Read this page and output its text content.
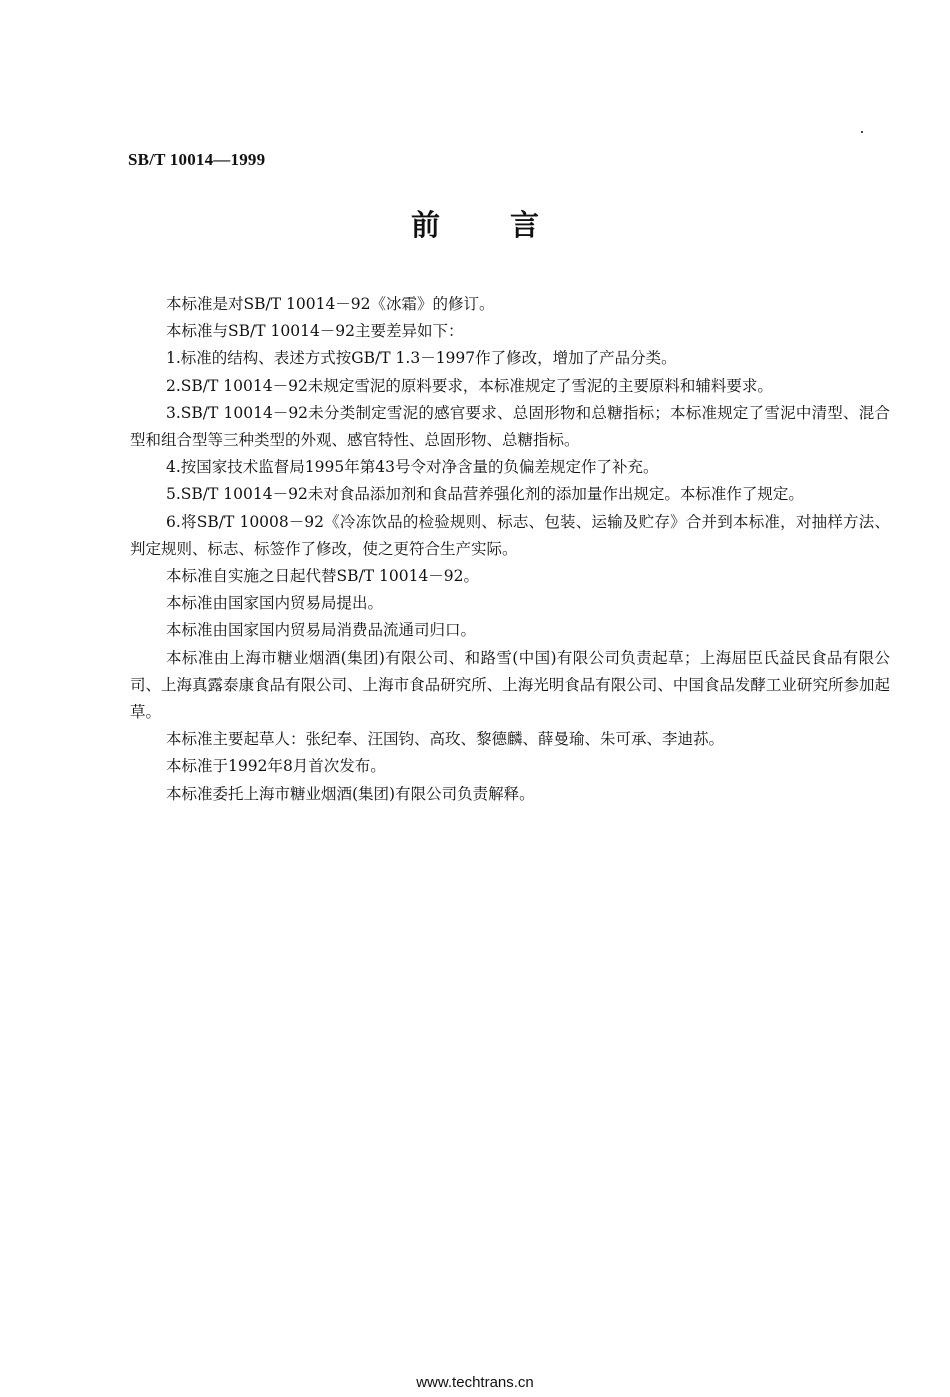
SB/T 10014—1999
前 言

本标准是对SB/T 10014－92《冰霜》的修订。

本标准与SB/T 10014－92主要差异如下：

1.标准的结构、表述方式按GB/T 1.3－1997作了修改，增加了产品分类。

2.SB/T 10014－92未规定雪泥的原料要求，本标准规定了雪泥的主要原料和辅料要求。

3.SB/T 10014－92未分类制定雪泥的感官要求、总固形物和总糖指标；本标准规定了雪泥中清型、混合型和组合型等三种类型的外观、感官特性、总固形物、总糖指标。

4.按国家技术监督局1995年第43号令对净含量的负偏差规定作了补充。

5.SB/T 10014－92未对食品添加剂和食品营养强化剂的添加量作出规定。本标准作了规定。

6.将SB/T 10008－92《冷冻饮品的检验规则、标志、包装、运输及贮存》合并到本标准，对抽样方法、判定规则、标志、标签作了修改，使之更符合生产实际。

本标准自实施之日起代替SB/T 10014－92。

本标准由国家国内贸易局提出。

本标准由国家国内贸易局消费品流通司归口。

本标准由上海市糖业烟酒(集团)有限公司、和路雪(中国)有限公司负责起草；上海屈臣氏益民食品有限公司、上海真露泰康食品有限公司、上海市食品研究所、上海光明食品有限公司、中国食品发酵工业研究所参加起草。

本标准主要起草人：张纪奉、汪国钧、高玫、黎德麟、薛曼瑜、朱可承、李迪荪。

本标准于1992年8月首次发布。

本标准委托上海市糖业烟酒(集团)有限公司负责解释。

www.techtrans.cn
